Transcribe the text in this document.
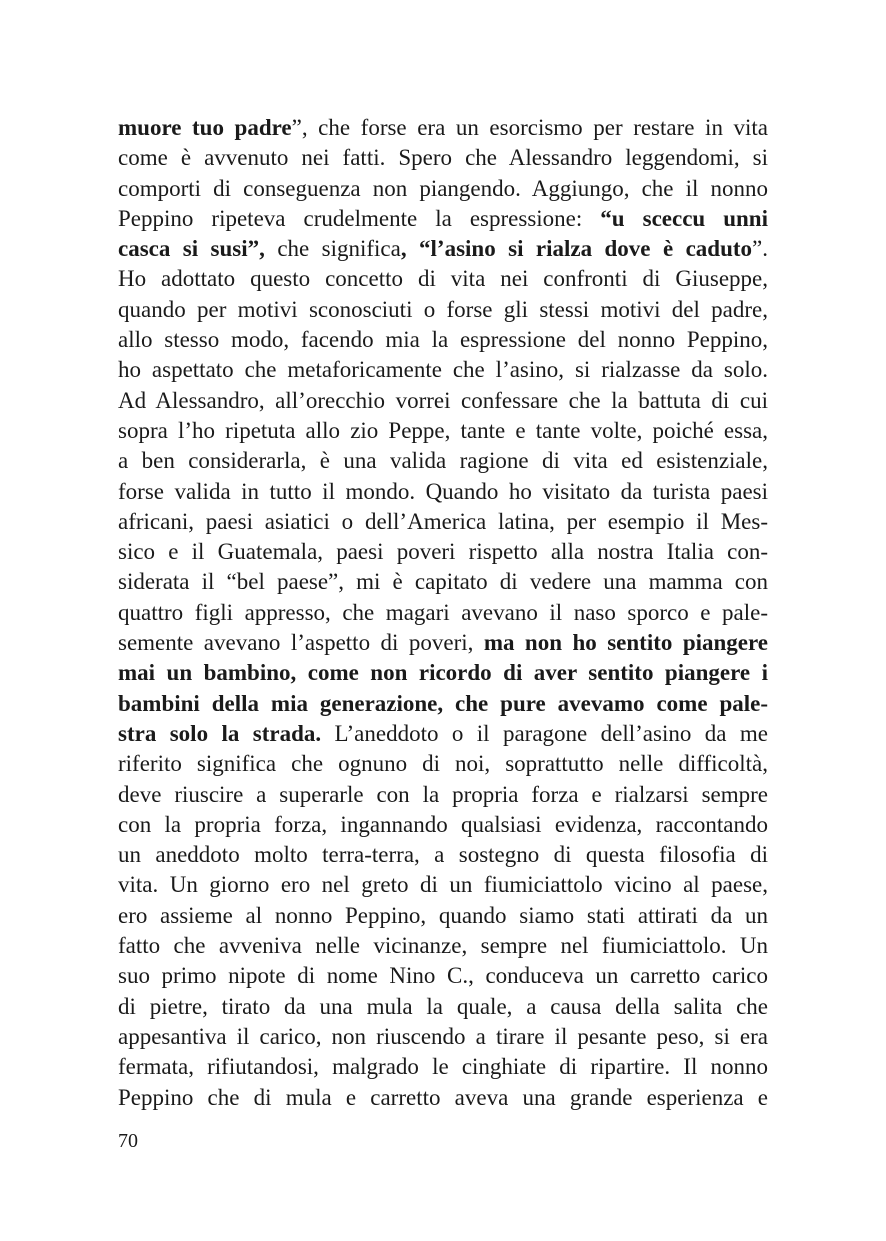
muore tuo padre”, che forse era un esorcismo per restare in vita
come è avvenuto nei fatti. Spero che Alessandro leggendomi, si
comporti di conseguenza non piangendo. Aggiungo, che il nonno
Peppino ripeteva crudelmente la espressione: “u sceccu unni
casca si susi”, che significa, “l’asino si rialza dove è caduto”.
Ho adottato questo concetto di vita nei confronti di Giuseppe,
quando per motivi sconosciuti o forse gli stessi motivi del padre,
allo stesso modo, facendo mia la espressione del nonno Peppino,
ho aspettato che metaforicamente che l’asino, si rialzasse da solo.
Ad Alessandro, all’orecchio vorrei confessare che la battuta di cui
sopra l’ho ripetuta allo zio Peppe, tante e tante volte, poiché essa,
a ben considerarla, è una valida ragione di vita ed esistenziale,
forse valida in tutto il mondo. Quando ho visitato da turista paesi
africani, paesi asiatici o dell’America latina, per esempio il Mes-
sico e il Guatemala, paesi poveri rispetto alla nostra Italia con-
siderata il “bel paese”, mi è capitato di vedere una mamma con
quattro figli appresso, che magari avevano il naso sporco e pale-
semente avevano l’aspetto di poveri, ma non ho sentito piangere
mai un bambino, come non ricordo di aver sentito piangere i
bambini della mia generazione, che pure avevamo come pale-
stra solo la strada. L’aneddoto o il paragone dell’asino da me
riferito significa che ognuno di noi, soprattutto nelle difficoltà,
deve riuscire a superarle con la propria forza e rialzarsi sempre
con la propria forza, ingannando qualsiasi evidenza, raccontando
un aneddoto molto terra-terra, a sostegno di questa filosofia di
vita. Un giorno ero nel greto di un fiumiciattolo vicino al paese,
ero assieme al nonno Peppino, quando siamo stati attirati da un
fatto che avveniva nelle vicinanze, sempre nel fiumiciattolo. Un
suo primo nipote di nome Nino C., conduceva un carretto carico
di pietre, tirato da una mula la quale, a causa della salita che
appesantiva il carico, non riuscendo a tirare il pesante peso, si era
fermata, rifiutandosi, malgrado le cinghiate di ripartire. Il nonno
Peppino che di mula e carretto aveva una grande esperienza e
70
